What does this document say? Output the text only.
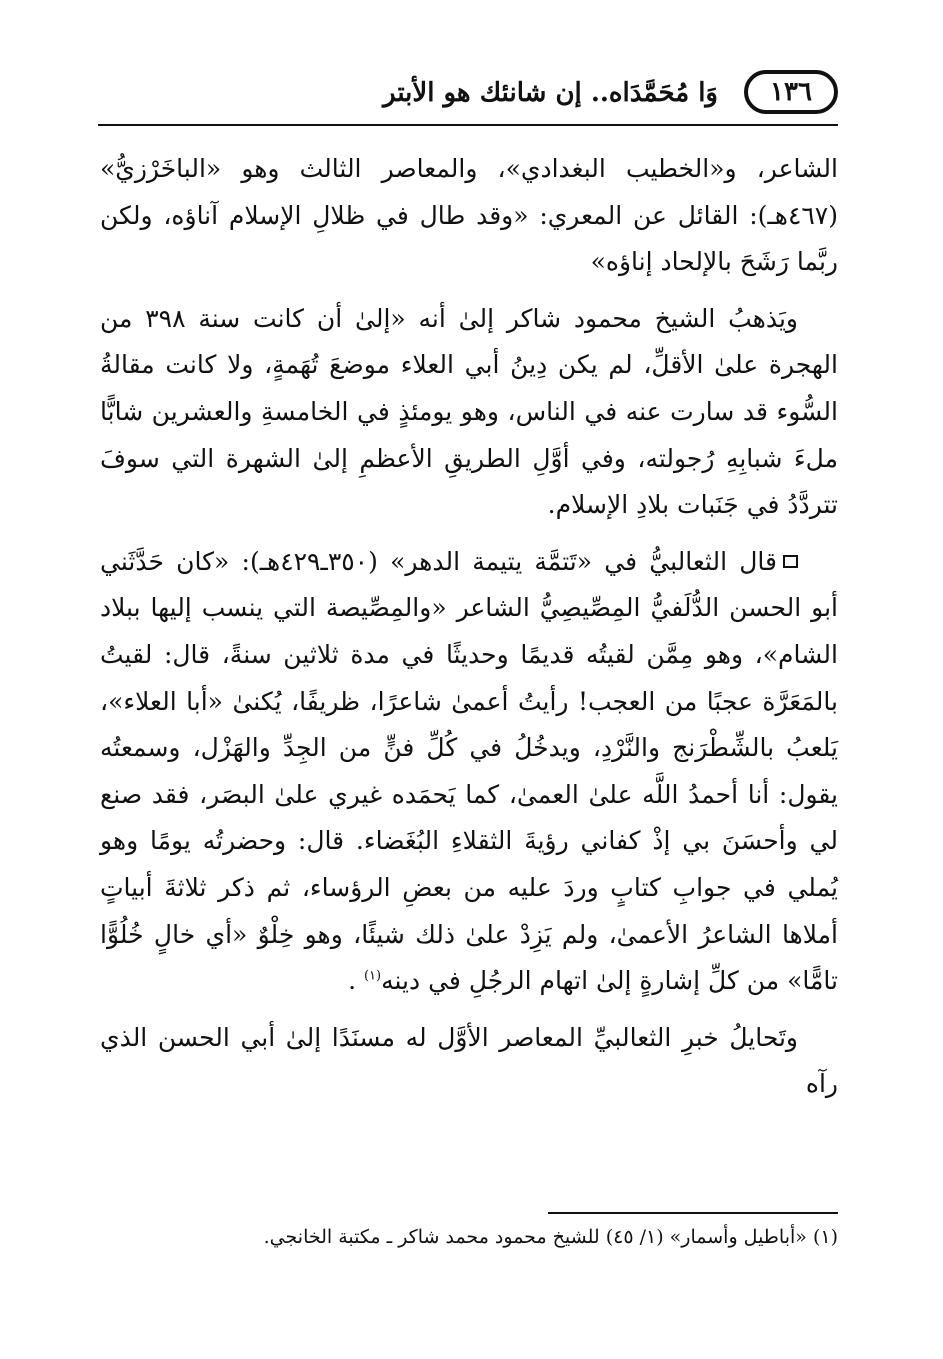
١٣٦
وَا مُحَمَّدَاه.. إن شانئك هو الأبتر

الشاعر، و«الخطيب البغدادي»، والمعاصر الثالث وهو «الباخَرْزيُّ» (٤٦٧هـ): القائل عن المعري: «وقد طال في ظلالِ الإسلام آناؤه، ولكن ربَّما رَشَحَ بالإلحاد إناؤه»

ويَذهبُ الشيخ محمود شاكر إلىٰ أنه «إلىٰ أن كانت سنة ٣٩٨ من الهجرة علىٰ الأقلِّ، لم يكن دِينُ أبي العلاء موضعَ تُهَمةٍ، ولا كانت مقالةُ السُّوء قد سارت عنه في الناس، وهو يومئذٍ في الخامسةِ والعشرين شابًّا ملءَ شبابِهِ رُجولته، وفي أوَّلِ الطريقِ الأعظمِ إلىٰ الشهرة التي سوفَ تتردَّدُ في جَنَبات بلادِ الإسلام.

قال الثعالبيُّ في «تَتمَّة يتيمة الدهر» (٣٥٠ـ٤٢٩هـ): «كان حَدَّثَني أبو الحسن الدُّلَفيُّ المِصِّيصِيُّ الشاعر «والمِصِّيصة التي ينسب إليها ببلاد الشام»، وهو مِمَّن لقيتُه قديمًا وحديثًا في مدة ثلاثين سنةً، قال: لقيتُ بالمَعَرَّة عجبًا من العجب! رأيتُ أعمىٰ شاعرًا، ظريفًا، يُكنىٰ «أبا العلاء»، يَلعبُ بالشِّطْرَنج والنَّرْدِ، ويدخُلُ في كُلِّ فنٍّ من الجِدِّ والهَزْل، وسمعتُه يقول: أنا أحمدُ اللَّه علىٰ العمىٰ، كما يَحمَده غيري علىٰ البصَر، فقد صنع لي وأحسَنَ بي إذْ كفاني رؤيةَ الثقلاءِ البُغَضاء. قال: وحضرتُه يومًا وهو يُملي في جوابِ كتابٍ وردَ عليه من بعضِ الرؤساء، ثم ذكر ثلاثةَ أبياتٍ أملاها الشاعرُ الأعمىٰ، ولم يَزِدْ علىٰ ذلك شيئًا، وهو خِلْوٌ «أي خالٍ خُلُوًّا تامًّا» من كلِّ إشارةٍ إلىٰ اتهام الرجُلِ في دينه$^{(١)}$ .

وتَحايلُ خبرِ الثعالبيِّ المعاصر الأوَّل له مسنَدًا إلىٰ أبي الحسن الذي رآه

(١) «أباطيل وأسمار» (١/ ٤٥) للشيخ محمود محمد شاكر ـ مكتبة الخانجي.
